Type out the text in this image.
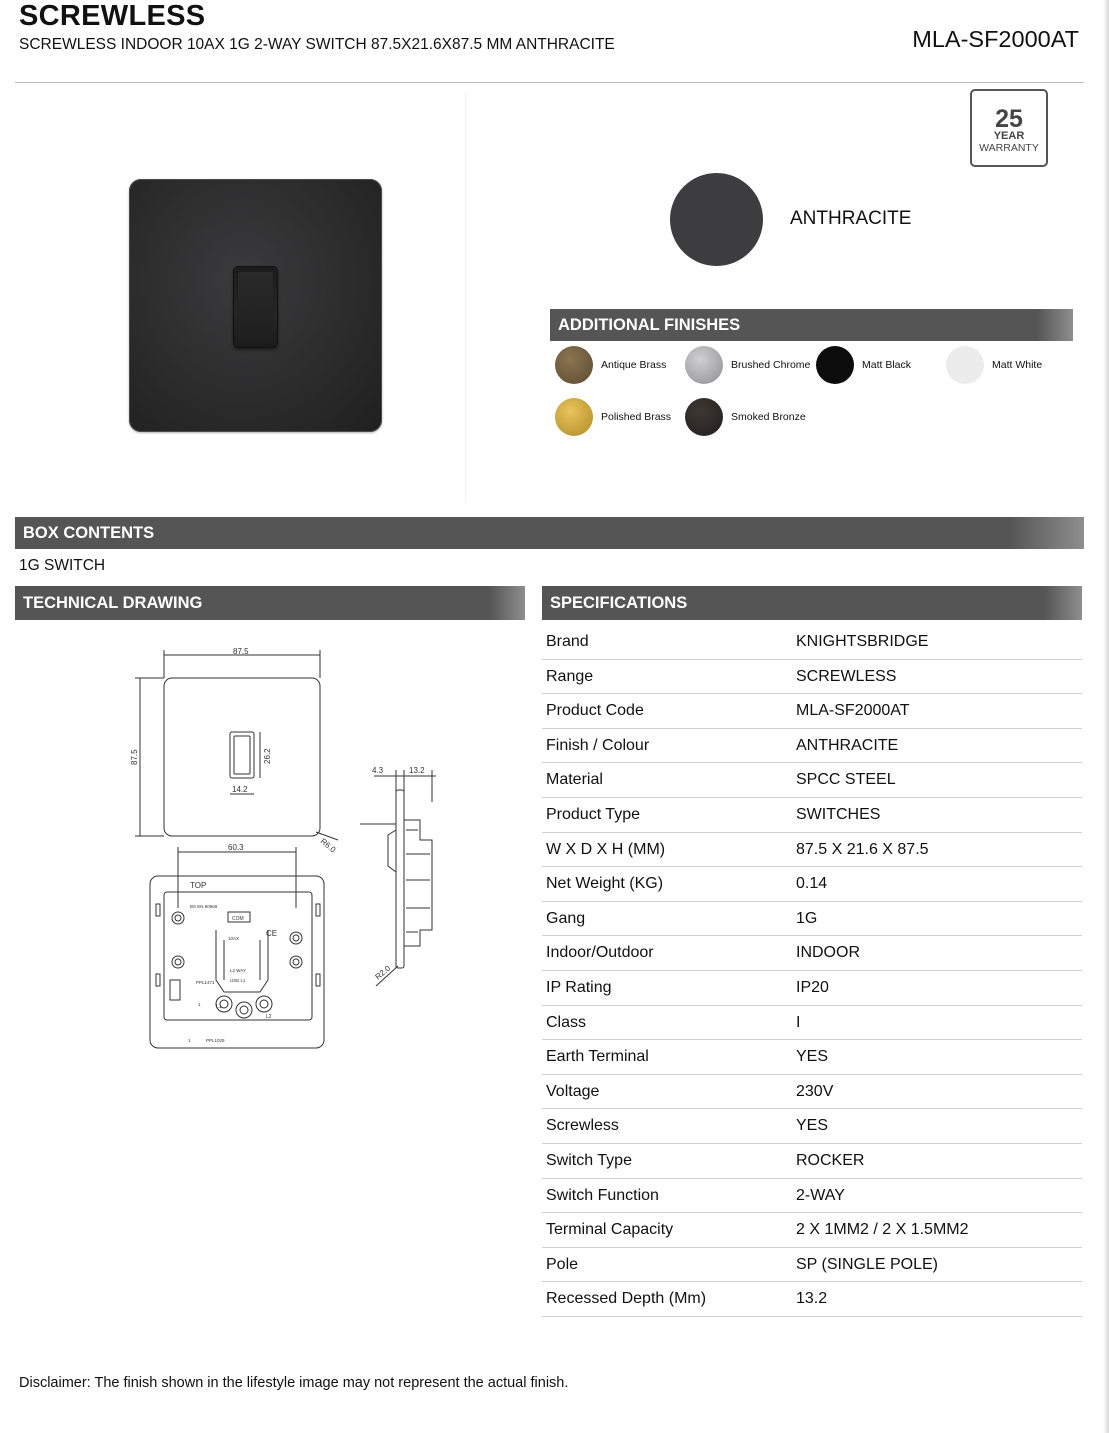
SCREWLESS
SCREWLESS INDOOR 10AX 1G 2-WAY SWITCH 87.5X21.6X87.5 MM ANTHRACITE	MLA-SF2000AT
25
YEAR
WARRANTY
ANTHRACITE
ADDITIONAL FINISHES
Antique Brass	Brushed Chrome	Matt Black	Matt White
Polished Brass	Smoked Bronze
BOX CONTENTS
1G SWITCH
TECHNICAL DRAWING
87.5
87.5	26.2
14.2
R6.0
60.3
TOP
BS EN 60669
COM
10AX
CE
L2 WAY
USE L1
L1
L2
PPL1471
1
1	PPL1029
4.3	13.2
R2.0
SPECIFICATIONS
Brand	KNIGHTSBRIDGE
Range	SCREWLESS
Product Code	MLA-SF2000AT
Finish / Colour	ANTHRACITE
Material	SPCC STEEL
Product Type	SWITCHES
W X D X H (MM)	87.5 X 21.6 X 87.5
Net Weight (KG)	0.14
Gang	1G
Indoor/Outdoor	INDOOR
IP Rating	IP20
Class	I
Earth Terminal	YES
Voltage	230V
Screwless	YES
Switch Type	ROCKER
Switch Function	2-WAY
Terminal Capacity	2 X 1MM2 / 2 X 1.5MM2
Pole	SP (SINGLE POLE)
Recessed Depth (Mm)	13.2
Disclaimer: The finish shown in the lifestyle image may not represent the actual finish.
